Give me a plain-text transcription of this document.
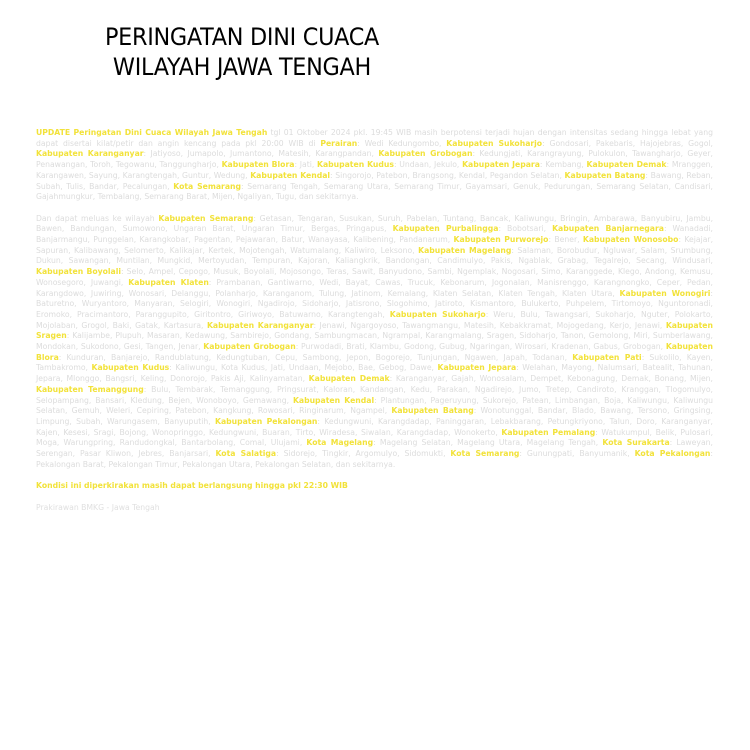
PERINGATAN DINI CUACA
WILAYAH JAWA TENGAH

UPDATE Peringatan Dini Cuaca Wilayah Jawa Tengah tgl 01 Oktober 2024 pkl. 19:45 WIB masih berpotensi terjadi hujan dengan intensitas sedang hingga lebat yang dapat disertai kilat/petir dan angin kencang pada pkl 20:00 WIB di Perairan: Wedi Kedungombo, Kabupaten Sukoharjo: Gondosari, Pakebaris, Hajojebras, Gogol, Kabupaten Karanganyar: Jatiyoso, Jumapolo, Jumantono, Matesih, Karangpandan, Kabupaten Grobogan: Kedungjati, Karangrayung, Pulokulon, Tawangharjo, Geyer, Penawangan, Toroh, Tegowanu, Tanggungharjo, Kabupaten Blora: Jati, Kabupaten Kudus: Undaan, Jekulo, Kabupaten Jepara: Kembang, Kabupaten Demak: Mranggen, Karangawen, Sayung, Karangtengah, Guntur, Wedung, Kabupaten Kendal: Singorojo, Patebon, Brangsong, Kendal, Pegandon Selatan, Kabupaten Batang: Bawang, Reban, Subah, Tulis, Bandar, Pecalungan, Kota Semarang: Semarang Tengah, Semarang Utara, Semarang Timur, Gayamsari, Genuk, Pedurungan, Semarang Selatan, Candisari, Gajahmungkur, Tembalang, Semarang Barat, Mijen, Ngaliyan, Tugu, dan sekitarnya.

Dan dapat meluas ke wilayah Kabupaten Semarang: Getasan, Tengaran, Susukan, Suruh, Pabelan, Tuntang, Bancak, Kaliwungu, Bringin, Ambarawa, Banyubiru, Jambu, Bawen, Bandungan, Sumowono, Ungaran Barat, Ungaran Timur, Bergas, Pringapus, Kabupaten Purbalingga: Bobotsari, Kabupaten Banjarnegara: Wanadadi, Banjarmangu, Punggelan, Karangkobar, Pagentan, Pejawaran, Batur, Wanayasa, Kalibening, Pandanarum, Kabupaten Purworejo: Bener, Kabupaten Wonosobo: Kejajar, Sapuran, Kalibawang, Selomerto, Kalikajar, Kertek, Mojotengah, Watumalang, Kaliwiro, Leksono, Kabupaten Magelang: Salaman, Borobudur, Ngluwar, Salam, Srumbung, Dukun, Sawangan, Muntilan, Mungkid, Mertoyudan, Tempuran, Kajoran, Kaliangkrik, Bandongan, Candimulyo, Pakis, Ngablak, Grabag, Tegalrejo, Secang, Windusari, Kabupaten Boyolali: Selo, Ampel, Cepogo, Musuk, Boyolali, Mojosongo, Teras, Sawit, Banyudono, Sambi, Ngemplak, Nogosari, Simo, Karanggede, Klego, Andong, Kemusu, Wonosegoro, Juwangi, Kabupaten Klaten: Prambanan, Gantiwarno, Wedi, Bayat, Cawas, Trucuk, Kebonarum, Jogonalan, Manisrenggo, Karangnongko, Ceper, Pedan, Karangdowo, Juwiring, Wonosari, Delanggu, Polanharjo, Karanganom, Tulung, Jatinom, Kemalang, Klaten Selatan, Klaten Tengah, Klaten Utara, Kabupaten Wonogiri: Baturetno, Wuryantoro, Manyaran, Selogiri, Wonogiri, Ngadirojo, Sidoharjo, Jatisrono, Slogohimo, Jatiroto, Kismantoro, Bulukerto, Puhpelem, Tirtomoyo, Nguntoronadi, Eromoko, Pracimantoro, Paranggupito, Giritontro, Giriwoyo, Batuwarno, Karangtengah, Kabupaten Sukoharjo: Weru, Bulu, Tawangsari, Sukoharjo, Nguter, Polokarto, Mojolaban, Grogol, Baki, Gatak, Kartasura, Kabupaten Karanganyar: Jenawi, Ngargoyoso, Tawangmangu, Matesih, Kebakkramat, Mojogedang, Kerjo, Jenawi, Kabupaten Sragen: Kalijambe, Plupuh, Masaran, Kedawung, Sambirejo, Gondang, Sambungmacan, Ngrampal, Karangmalang, Sragen, Sidoharjo, Tanon, Gemolong, Miri, Sumberlawang, Mondokan, Sukodono, Gesi, Tangen, Jenar, Kabupaten Grobogan: Purwodadi, Brati, Klambu, Godong, Gubug, Ngaringan, Wirosari, Kradenan, Gabus, Grobogan, Kabupaten Blora: Kunduran, Banjarejo, Randublatung, Kedungtuban, Cepu, Sambong, Jepon, Bogorejo, Tunjungan, Ngawen, Japah, Todanan, Kabupaten Pati: Sukolilo, Kayen, Tambakromo, Kabupaten Kudus: Kaliwungu, Kota Kudus, Jati, Undaan, Mejobo, Bae, Gebog, Dawe, Kabupaten Jepara: Welahan, Mayong, Nalumsari, Batealit, Tahunan, Jepara, Mlonggo, Bangsri, Keling, Donorojo, Pakis Aji, Kalinyamatan, Kabupaten Demak: Karanganyar, Gajah, Wonosalam, Dempet, Kebonagung, Demak, Bonang, Mijen, Kabupaten Temanggung: Bulu, Tembarak, Temanggung, Pringsurat, Kaloran, Kandangan, Kedu, Parakan, Ngadirejo, Jumo, Tretep, Candiroto, Kranggan, Tlogomulyo, Selopampang, Bansari, Kledung, Bejen, Wonoboyo, Gemawang, Kabupaten Kendal: Plantungan, Pageruyung, Sukorejo, Patean, Limbangan, Boja, Kaliwungu, Kaliwungu Selatan, Gemuh, Weleri, Cepiring, Patebon, Kangkung, Rowosari, Ringinarum, Ngampel, Kabupaten Batang: Wonotunggal, Bandar, Blado, Bawang, Tersono, Gringsing, Limpung, Subah, Warungasem, Banyuputih, Kabupaten Pekalongan: Kedungwuni, Karangdadap, Paninggaran, Lebakbarang, Petungkriyono, Talun, Doro, Karanganyar, Kajen, Kesesi, Sragi, Bojong, Wonopringgo, Kedungwuni, Buaran, Tirto, Wiradesa, Siwalan, Karangdadap, Wonokerto, Kabupaten Pemalang: Watukumpul, Belik, Pulosari, Moga, Warungpring, Randudongkal, Bantarbolang, Comal, Ulujami, Kota Magelang: Magelang Selatan, Magelang Utara, Magelang Tengah, Kota Surakarta: Laweyan, Serengan, Pasar Kliwon, Jebres, Banjarsari, Kota Salatiga: Sidorejo, Tingkir, Argomulyo, Sidomukti, Kota Semarang: Gunungpati, Banyumanik, Kota Pekalongan: Pekalongan Barat, Pekalongan Timur, Pekalongan Utara, Pekalongan Selatan, dan sekitarnya.

Kondisi ini diperkirakan masih dapat berlangsung hingga pkl 22:30 WIB

Prakirawan BMKG - Jawa Tengah
